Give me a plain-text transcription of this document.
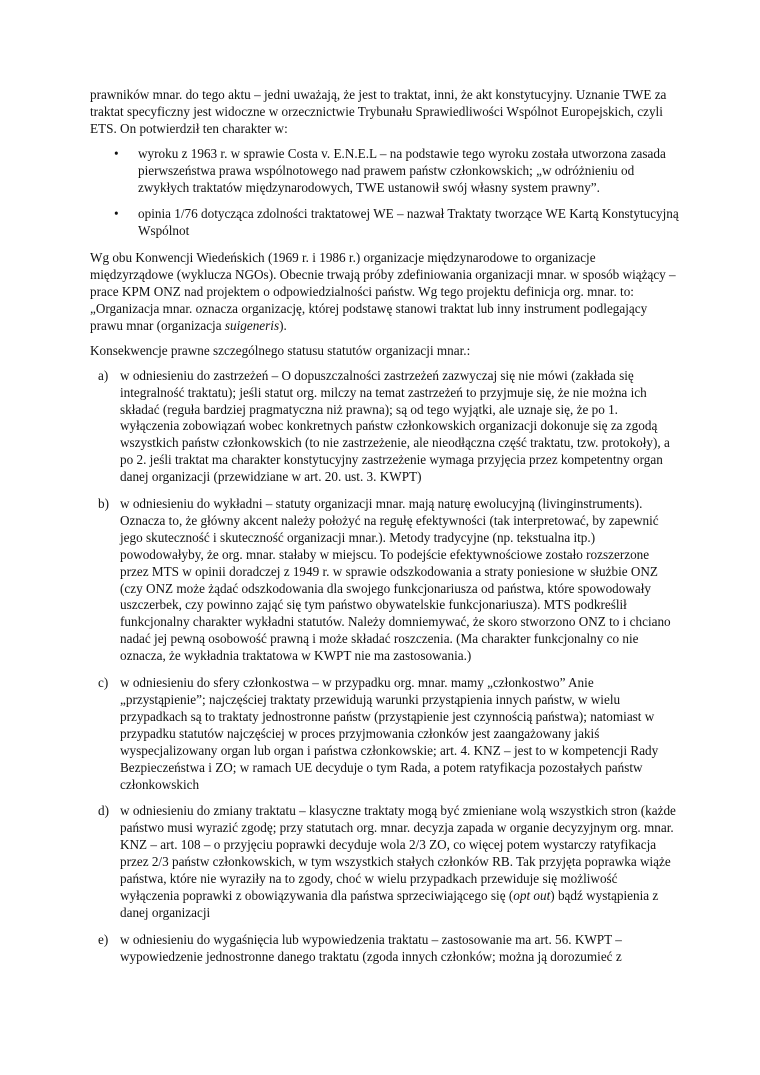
prawników mnar. do tego aktu – jedni uważają, że jest to traktat, inni, że akt konstytucyjny. Uznanie TWE za traktat specyficzny jest widoczne w orzecznictwie Trybunału Sprawiedliwości Wspólnot Europejskich, czyli ETS. On potwierdził ten charakter w:

• wyroku z 1963 r. w sprawie Costa v. E.N.E.L – na podstawie tego wyroku została utworzona zasada pierwszeństwa prawa wspólnotowego nad prawem państw członkowskich; „w odróżnieniu od zwykłych traktatów międzynarodowych, TWE ustanowił swój własny system prawny”.
• opinia 1/76 dotycząca zdolności traktatowej WE – nazwał Traktaty tworzące WE Kartą Konstytucyjną Wspólnot

Wg obu Konwencji Wiedeńskich (1969 r. i 1986 r.) organizacje międzynarodowe to organizacje międzyrządowe (wyklucza NGOs). Obecnie trwają próby zdefiniowania organizacji mnar. w sposób wiążący – prace KPM ONZ nad projektem o odpowiedzialności państw. Wg tego projektu definicja org. mnar. to: „Organizacja mnar. oznacza organizację, której podstawę stanowi traktat lub inny instrument podlegający prawu mnar (organizacja suigeneris).

Konsekwencje prawne szczególnego statusu statutów organizacji mnar.:

a) w odniesieniu do zastrzeżeń – O dopuszczalności zastrzeżeń zazwyczaj się nie mówi (zakłada się integralność traktatu); jeśli statut org. milczy na temat zastrzeżeń to przyjmuje się, że nie można ich składać (reguła bardziej pragmatyczna niż prawna); są od tego wyjątki, ale uznaje się, że po 1. wyłączenia zobowiązań wobec konkretnych państw członkowskich organizacji dokonuje się za zgodą wszystkich państw członkowskich (to nie zastrzeżenie, ale nieodłączna część traktatu, tzw. protokoły), a po 2. jeśli traktat ma charakter konstytucyjny zastrzeżenie wymaga przyjęcia przez kompetentny organ danej organizacji (przewidziane w art. 20. ust. 3. KWPT)
b) w odniesieniu do wykładni – statuty organizacji mnar. mają naturę ewolucyjną (livinginstruments). Oznacza to, że główny akcent należy położyć na regułę efektywności (tak interpretować, by zapewnić jego skuteczność i skuteczność organizacji mnar.). Metody tradycyjne (np. tekstualna itp.) powodowałyby, że org. mnar. stałaby w miejscu. To podejście efektywnościowe zostało rozszerzone przez MTS w opinii doradczej z 1949 r. w sprawie odszkodowania a straty poniesione w służbie ONZ (czy ONZ może żądać odszkodowania dla swojego funkcjonariusza od państwa, które spowodowały uszczerbek, czy powinno zająć się tym państwo obywatelskie funkcjonariusza). MTS podkreślił funkcjonalny charakter wykładni statutów. Należy domniemywać, że skoro stworzono ONZ to i chciano nadać jej pewną osobowość prawną i może składać roszczenia. (Ma charakter funkcjonalny co nie oznacza, że wykładnia traktatowa w KWPT nie ma zastosowania.)
c) w odniesieniu do sfery członkostwa – w przypadku org. mnar. mamy „członkostwo” Anie „przystąpienie”; najczęściej traktaty przewidują warunki przystąpienia innych państw, w wielu przypadkach są to traktaty jednostronne państw (przystąpienie jest czynnością państwa); natomiast w przypadku statutów najczęściej w proces przyjmowania członków jest zaangażowany jakiś wyspecjalizowany organ lub organ i państwa członkowskie; art. 4. KNZ – jest to w kompetencji Rady Bezpieczeństwa i ZO; w ramach UE decyduje o tym Rada, a potem ratyfikacja pozostałych państw członkowskich
d) w odniesieniu do zmiany traktatu – klasyczne traktaty mogą być zmieniane wolą wszystkich stron (każde państwo musi wyrazić zgodę; przy statutach org. mnar. decyzja zapada w organie decyzyjnym org. mnar. KNZ – art. 108 – o przyjęciu poprawki decyduje wola 2/3 ZO, co więcej potem wystarczy ratyfikacja przez 2/3 państw członkowskich, w tym wszystkich stałych członków RB. Tak przyjęta poprawka wiąże państwa, które nie wyraziły na to zgody, choć w wielu przypadkach przewiduje się możliwość wyłączenia poprawki z obowiązywania dla państwa sprzeciwiającego się (opt out) bądź wystąpienia z danej organizacji
e) w odniesieniu do wygaśnięcia lub wypowiedzenia traktatu – zastosowanie ma art. 56. KWPT – wypowiedzenie jednostronne danego traktatu (zgoda innych członków; można ją dorozumieć z
